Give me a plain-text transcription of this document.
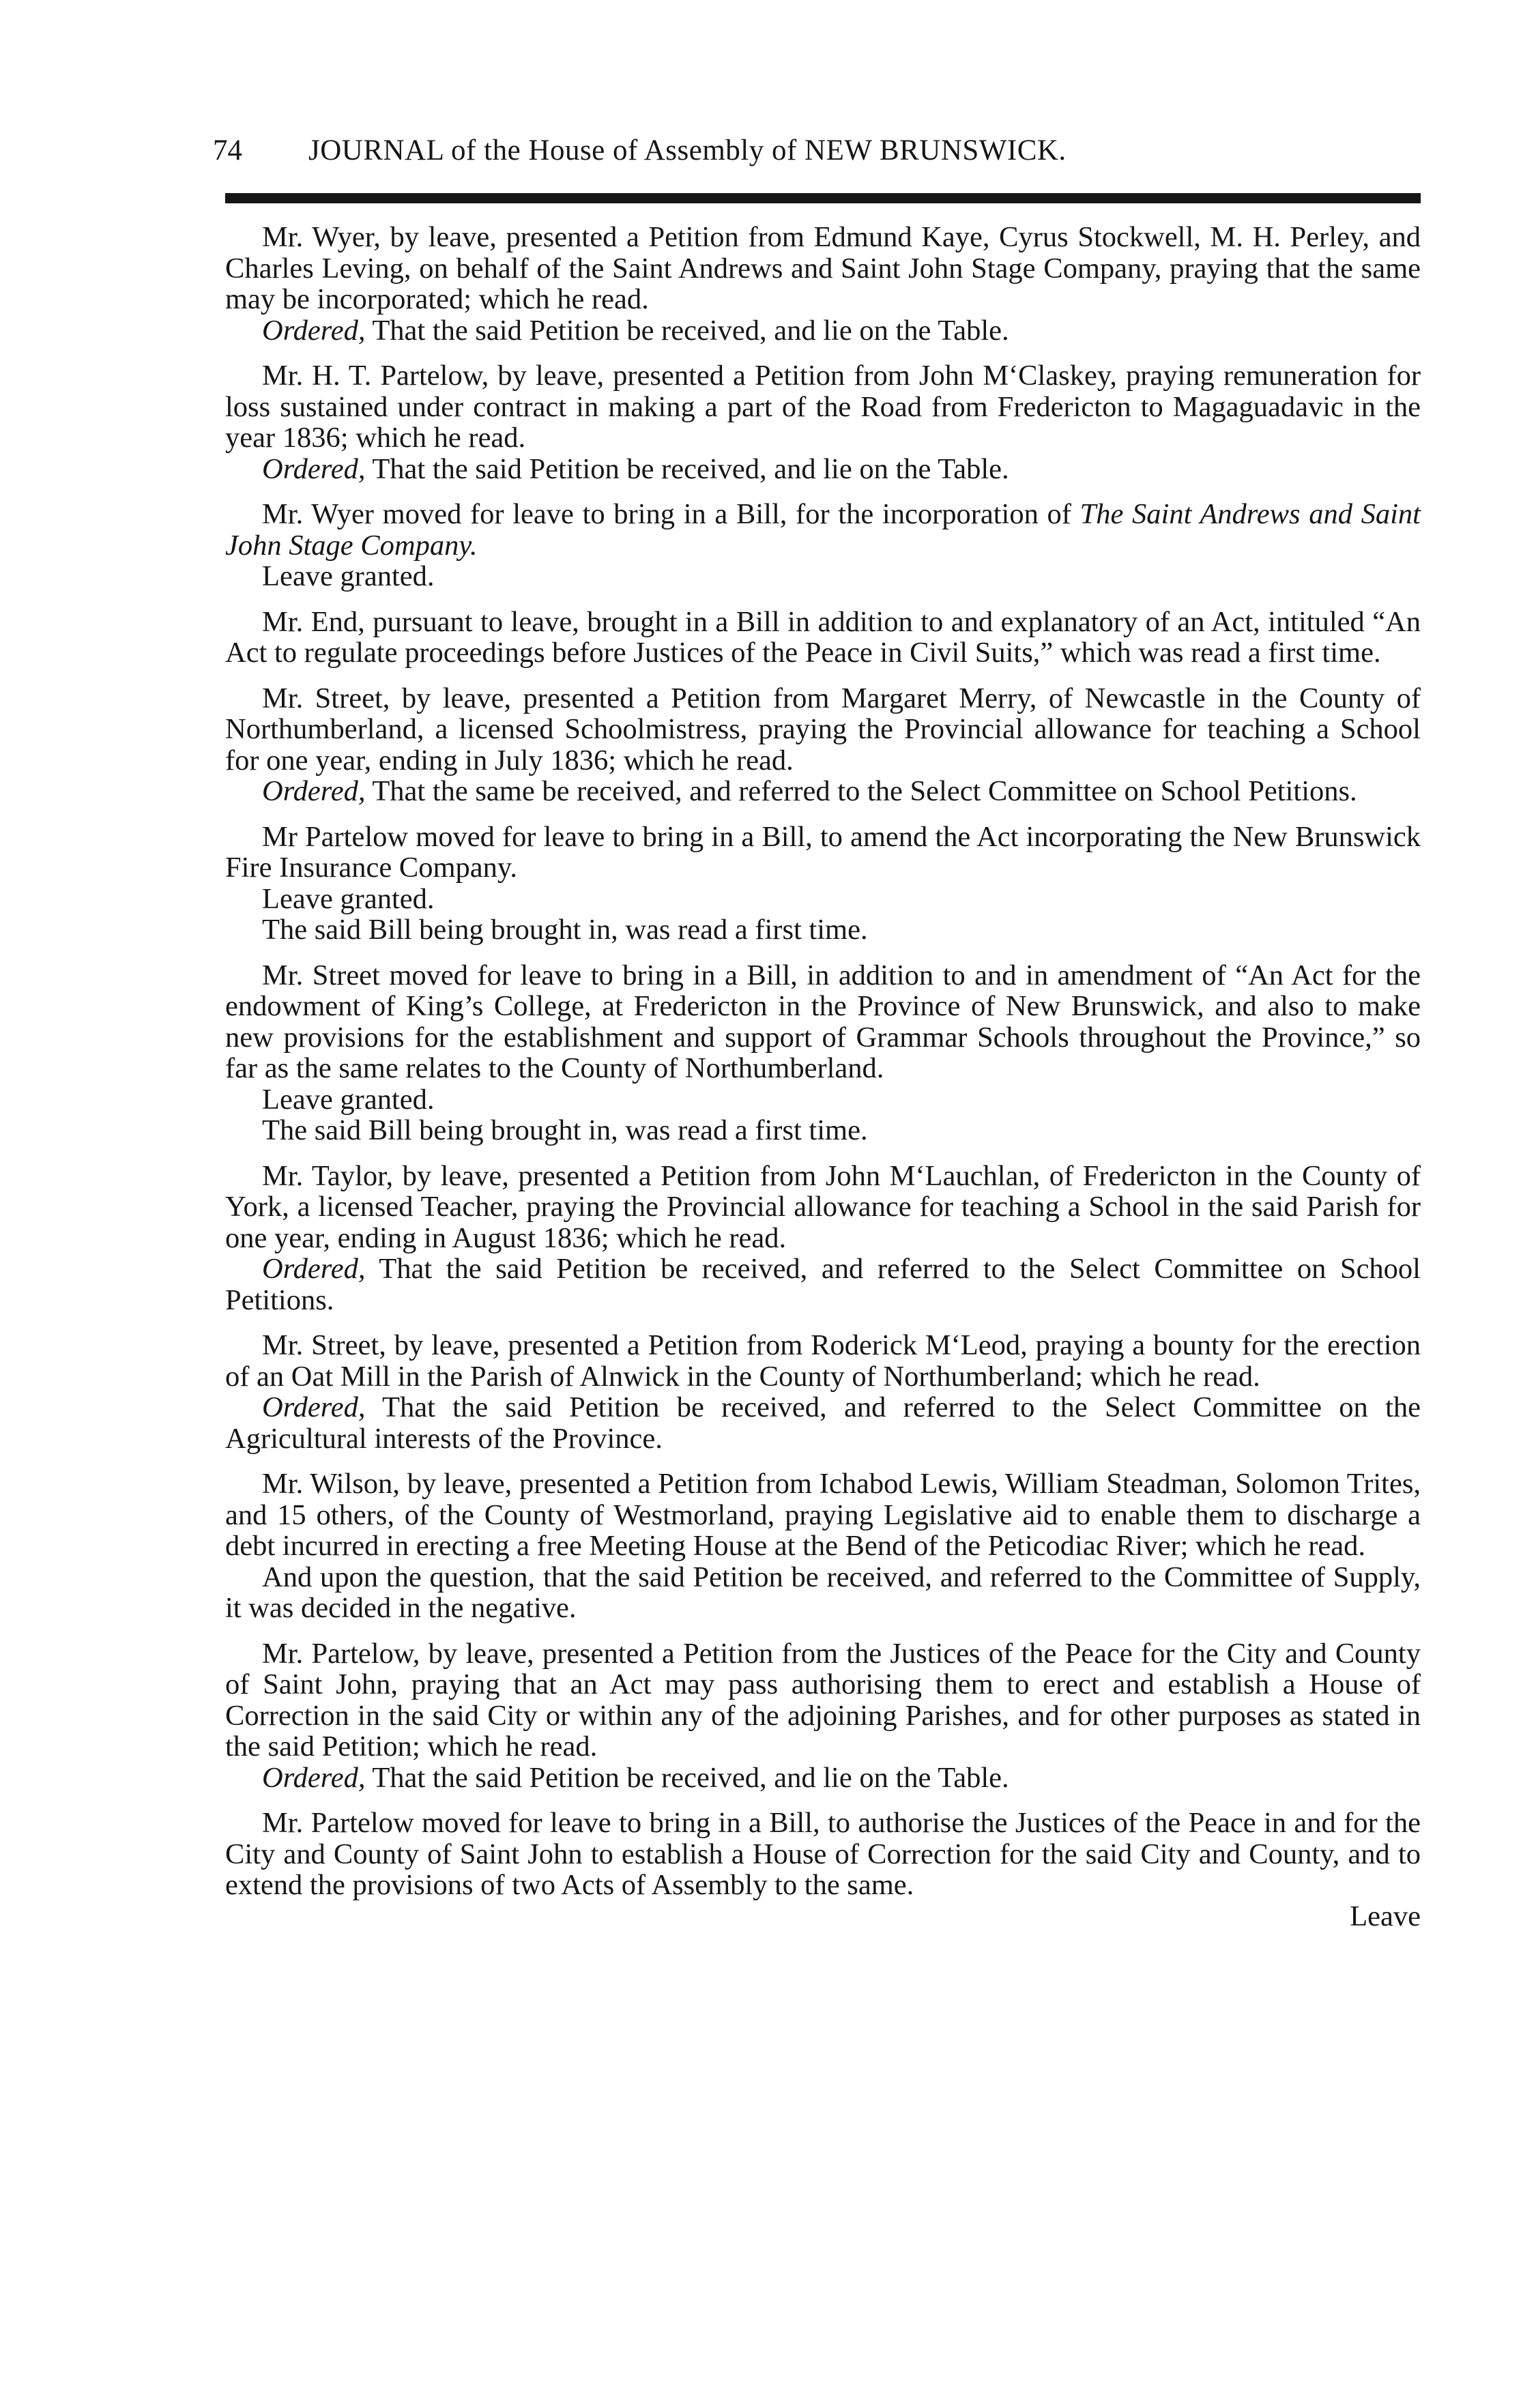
74 JOURNAL of the House of Assembly of NEW BRUNSWICK.

Mr. Wyer, by leave, presented a Petition from Edmund Kaye, Cyrus Stockwell, M. H. Perley, and Charles Leving, on behalf of the Saint Andrews and Saint John Stage Company, praying that the same may be incorporated; which he read.

Ordered, That the said Petition be received, and lie on the Table.

Mr. H. T. Partelow, by leave, presented a Petition from John M‘Claskey, praying remuneration for loss sustained under contract in making a part of the Road from Fredericton to Magaguadavic in the year 1836; which he read.

Ordered, That the said Petition be received, and lie on the Table.

Mr. Wyer moved for leave to bring in a Bill, for the incorporation of The Saint Andrews and Saint John Stage Company.

Leave granted.

Mr. End, pursuant to leave, brought in a Bill in addition to and explanatory of an Act, intituled “An Act to regulate proceedings before Justices of the Peace in Civil Suits,” which was read a first time.

Mr. Street, by leave, presented a Petition from Margaret Merry, of Newcastle in the County of Northumberland, a licensed Schoolmistress, praying the Provincial allowance for teaching a School for one year, ending in July 1836; which he read.

Ordered, That the same be received, and referred to the Select Committee on School Petitions.

Mr Partelow moved for leave to bring in a Bill, to amend the Act incorporating the New Brunswick Fire Insurance Company.

Leave granted.

The said Bill being brought in, was read a first time.

Mr. Street moved for leave to bring in a Bill, in addition to and in amendment of “An Act for the endowment of King’s College, at Fredericton in the Province of New Brunswick, and also to make new provisions for the establishment and support of Grammar Schools throughout the Province,” so far as the same relates to the County of Northumberland.

Leave granted.

The said Bill being brought in, was read a first time.

Mr. Taylor, by leave, presented a Petition from John M‘Lauchlan, of Fredericton in the County of York, a licensed Teacher, praying the Provincial allowance for teaching a School in the said Parish for one year, ending in August 1836; which he read.

Ordered, That the said Petition be received, and referred to the Select Committee on School Petitions.

Mr. Street, by leave, presented a Petition from Roderick M‘Leod, praying a bounty for the erection of an Oat Mill in the Parish of Alnwick in the County of Northumberland; which he read.

Ordered, That the said Petition be received, and referred to the Select Committee on the Agricultural interests of the Province.

Mr. Wilson, by leave, presented a Petition from Ichabod Lewis, William Steadman, Solomon Trites, and 15 others, of the County of Westmorland, praying Legislative aid to enable them to discharge a debt incurred in erecting a free Meeting House at the Bend of the Peticodiac River; which he read.

And upon the question, that the said Petition be received, and referred to the Committee of Supply, it was decided in the negative.

Mr. Partelow, by leave, presented a Petition from the Justices of the Peace for the City and County of Saint John, praying that an Act may pass authorising them to erect and establish a House of Correction in the said City or within any of the adjoining Parishes, and for other purposes as stated in the said Petition; which he read.

Ordered, That the said Petition be received, and lie on the Table.

Mr. Partelow moved for leave to bring in a Bill, to authorise the Justices of the Peace in and for the City and County of Saint John to establish a House of Correction for the said City and County, and to extend the provisions of two Acts of Assembly to the same.

Leave
